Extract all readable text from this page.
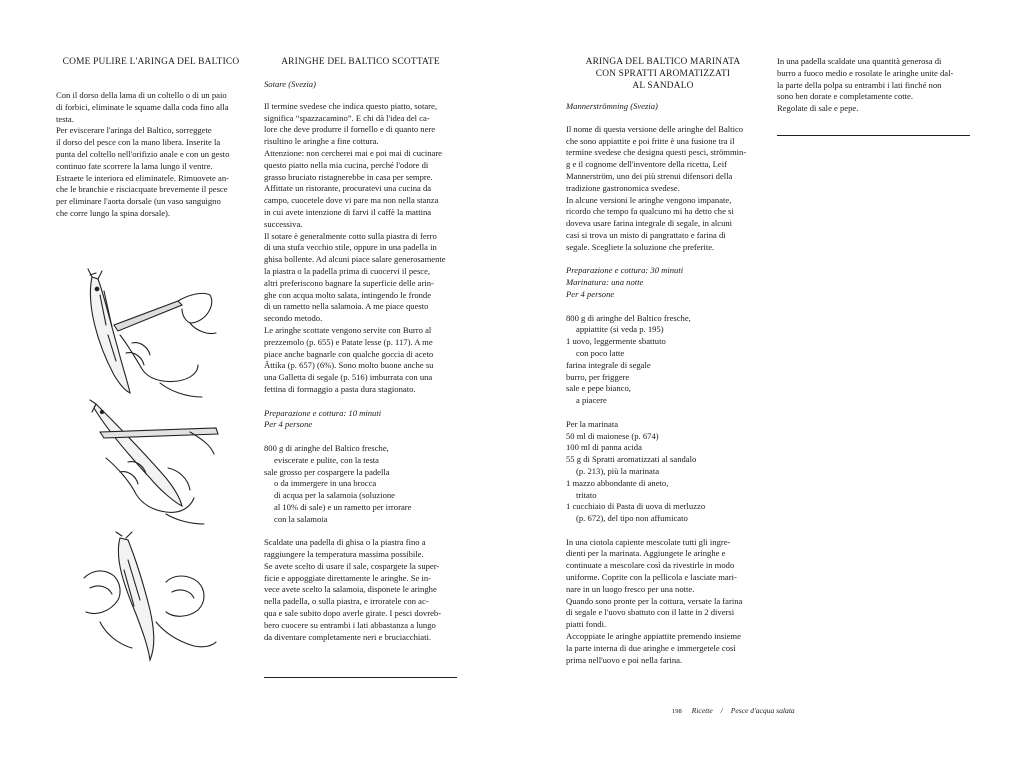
COME PULIRE L'ARINGA DEL BALTICO

Con il dorso della lama di un coltello o di un paio

di forbici, eliminate le squame dalla coda fino alla

testa.

Per eviscerare l'aringa del Baltico, sorreggete

il dorso del pesce con la mano libera. Inserite la

punta del coltello nell'orifizio anale e con un gesto

continuo fate scorrere la lama lungo il ventre.

Estraete le interiora ed eliminatele. Rimuovete an-

che le branchie e risciacquate brevemente il pesce

per eliminare l'aorta dorsale (un vaso sanguigno

che corre lungo la spina dorsale).

ARINGHE DEL BALTICO SCOTTATE

Sotare (Svezia)

Il termine svedese che indica questo piatto, sotare,

significa “spazzacamino”. E chi dà l'idea del ca-

lore che deve produrre il fornello e di quanto nere

risultino le aringhe a fine cottura.

Attenzione: non cercherei mai e poi mai di cucinare

questo piatto nella mia cucina, perché l'odore di

grasso bruciato ristagnerebbe in casa per sempre.

Affittate un ristorante, procuratevi una cucina da

campo, cuocetele dove vi pare ma non nella stanza

in cui avete intenzione di farvi il caffè la mattina

successiva.

Il sotare è generalmente cotto sulla piastra di ferro

di una stufa vecchio stile, oppure in una padella in

ghisa bollente. Ad alcuni piace salare generosamente

la piastra o la padella prima di cuocervi il pesce,

altri preferiscono bagnare la superficie delle arin-

ghe con acqua molto salata, intingendo le fronde

di un rametto nella salamoia. A me piace questo

secondo metodo.

Le aringhe scottate vengono servite con Burro al

prezzemolo (p. 655) e Patate lesse (p. 117). A me

piace anche bagnarle con qualche goccia di aceto

Ättika (p. 657) (6%). Sono molto buone anche su

una Galletta di segale (p. 516) imburrata con una

fettina di formaggio a pasta dura stagionato.

Preparazione e cottura: 10 minuti

Per 4 persone

800 g di aringhe del Baltico fresche,

eviscerate e pulite, con la testa

sale grosso per cospargere la padella

o da immergere in una brocca

di acqua per la salamoia (soluzione

al 10% di sale) e un rametto per irrorare

con la salamoia

Scaldate una padella di ghisa o la piastra fino a

raggiungere la temperatura massima possibile.

Se avete scelto di usare il sale, cospargete la super-

ficie e appoggiate direttamente le aringhe. Se in-

vece avete scelto la salamoia, disponete le aringhe

nella padella, o sulla piastra, e irroratele con ac-

qua e sale subito dopo averle girate. I pesci dovreb-

bero cuocere su entrambi i lati abbastanza a lungo

da diventare completamente neri e bruciacchiati.

ARINGA DEL BALTICO MARINATA

CON SPRATTI AROMATIZZATI

AL SANDALO

Mannerströmning (Svezia)

Il nome di questa versione delle aringhe del Baltico

che sono appiattite e poi fritte è una fusione tra il

termine svedese che designa questi pesci, strömmin-

g e il cognome dell'inventore della ricetta, Leif

Mannerström, uno dei più strenui difensori della

tradizione gastronomica svedese.

In alcune versioni le aringhe vengono impanate,

ricordo che tempo fa qualcuno mi ha detto che si

doveva usare farina integrale di segale, in alcuni

casi si trova un misto di pangrattato e farina di

segale. Scegliete la soluzione che preferite.

Preparazione e cottura: 30 minuti

Marinatura: una notte

Per 4 persone

800 g di aringhe del Baltico fresche,

appiattite (si veda p. 195)

1 uovo, leggermente sbattuto

con poco latte

farina integrale di segale

burro, per friggere

sale e pepe bianco,

a piacere

Per la marinata

50 ml di maionese (p. 674)

100 ml di panna acida

55 g di Spratti aromatizzati al sandalo

(p. 213), più la marinata

1 mazzo abbondante di aneto,

tritato

1 cucchiaio di Pasta di uova di merluzzo

(p. 672), del tipo non affumicato

In una ciotola capiente mescolate tutti gli ingre-

dienti per la marinata. Aggiungete le aringhe e

continuate a mescolare così da rivestirle in modo

uniforme. Coprite con la pellicola e lasciate mari-

nare in un luogo fresco per una notte.

Quando sono pronte per la cottura, versate la farina

di segale e l'uovo sbattuto con il latte in 2 diversi

piatti fondi.

Accoppiate le aringhe appiattite premendo insieme

la parte interna di due aringhe e immergetele così

prima nell'uovo e poi nella farina.

In una padella scaldate una quantità generosa di

burro a fuoco medio e rosolate le aringhe unite dal-

la parte della polpa su entrambi i lati finché non

sono ben dorate e completamente cotte.

Regolate di sale e pepe.

198 Ricette / Pesce d'acqua salata
